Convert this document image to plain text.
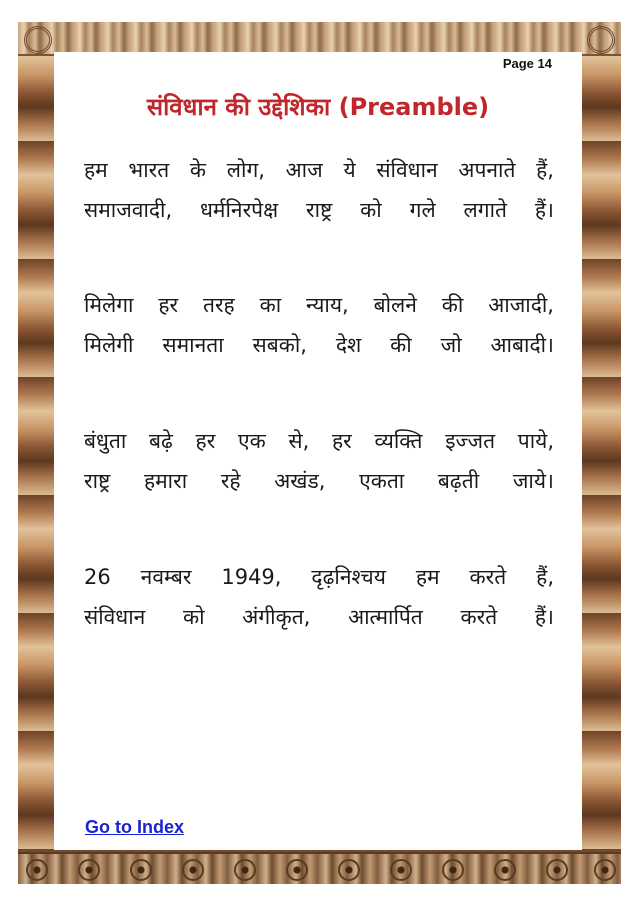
Page 14
संविधान की उद्देशिका (Preamble)
हम भारत के लोग, आज ये संविधान अपनाते हैं,
समाजवादी, धर्मनिरपेक्ष राष्ट्र को गले लगाते हैं।
मिलेगा हर तरह का न्याय, बोलने की आजादी,
मिलेगी समानता सबको, देश की जो आबादी।
बंधुता बढ़े हर एक से, हर व्यक्ति इज्जत पाये,
राष्ट्र हमारा रहे अखंड, एकता बढ़ती जाये।
26 नवम्बर 1949, दृढ़निश्चय हम करते हैं,
संविधान को अंगीकृत, आत्मार्पित करते हैं।
Go to Index
